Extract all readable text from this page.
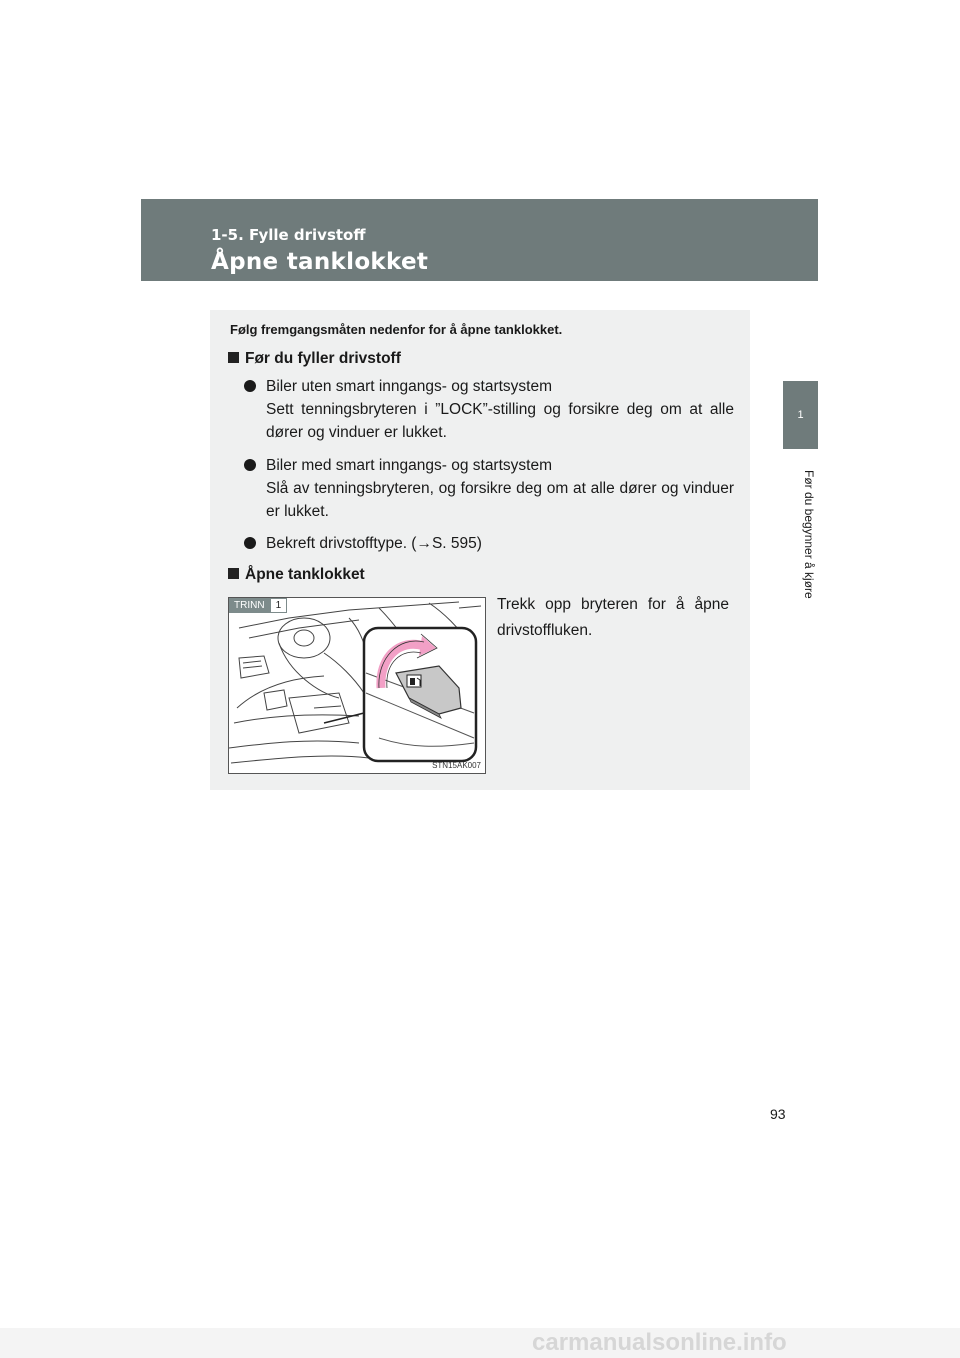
1-5. Fylle drivstoff
Åpne tanklokket
1
Før du begynner å kjøre
Følg fremgangsmåten nedenfor for å åpne tanklokket.
Før du fyller drivstoff
Biler uten smart inngangs- og startsystem
Sett tenningsbryteren i ”LOCK”-stilling og forsikre deg om at alle dører og vinduer er lukket.
Biler med smart inngangs- og startsystem
Slå av tenningsbryteren, og forsikre deg om at alle dører og vinduer er lukket.
Bekreft drivstofftype. (→S. 595)
Åpne tanklokket
TRINN	1
STN15AK007
Trekk opp bryteren for å åpne drivstoffluken.
93
carmanualsonline.info
